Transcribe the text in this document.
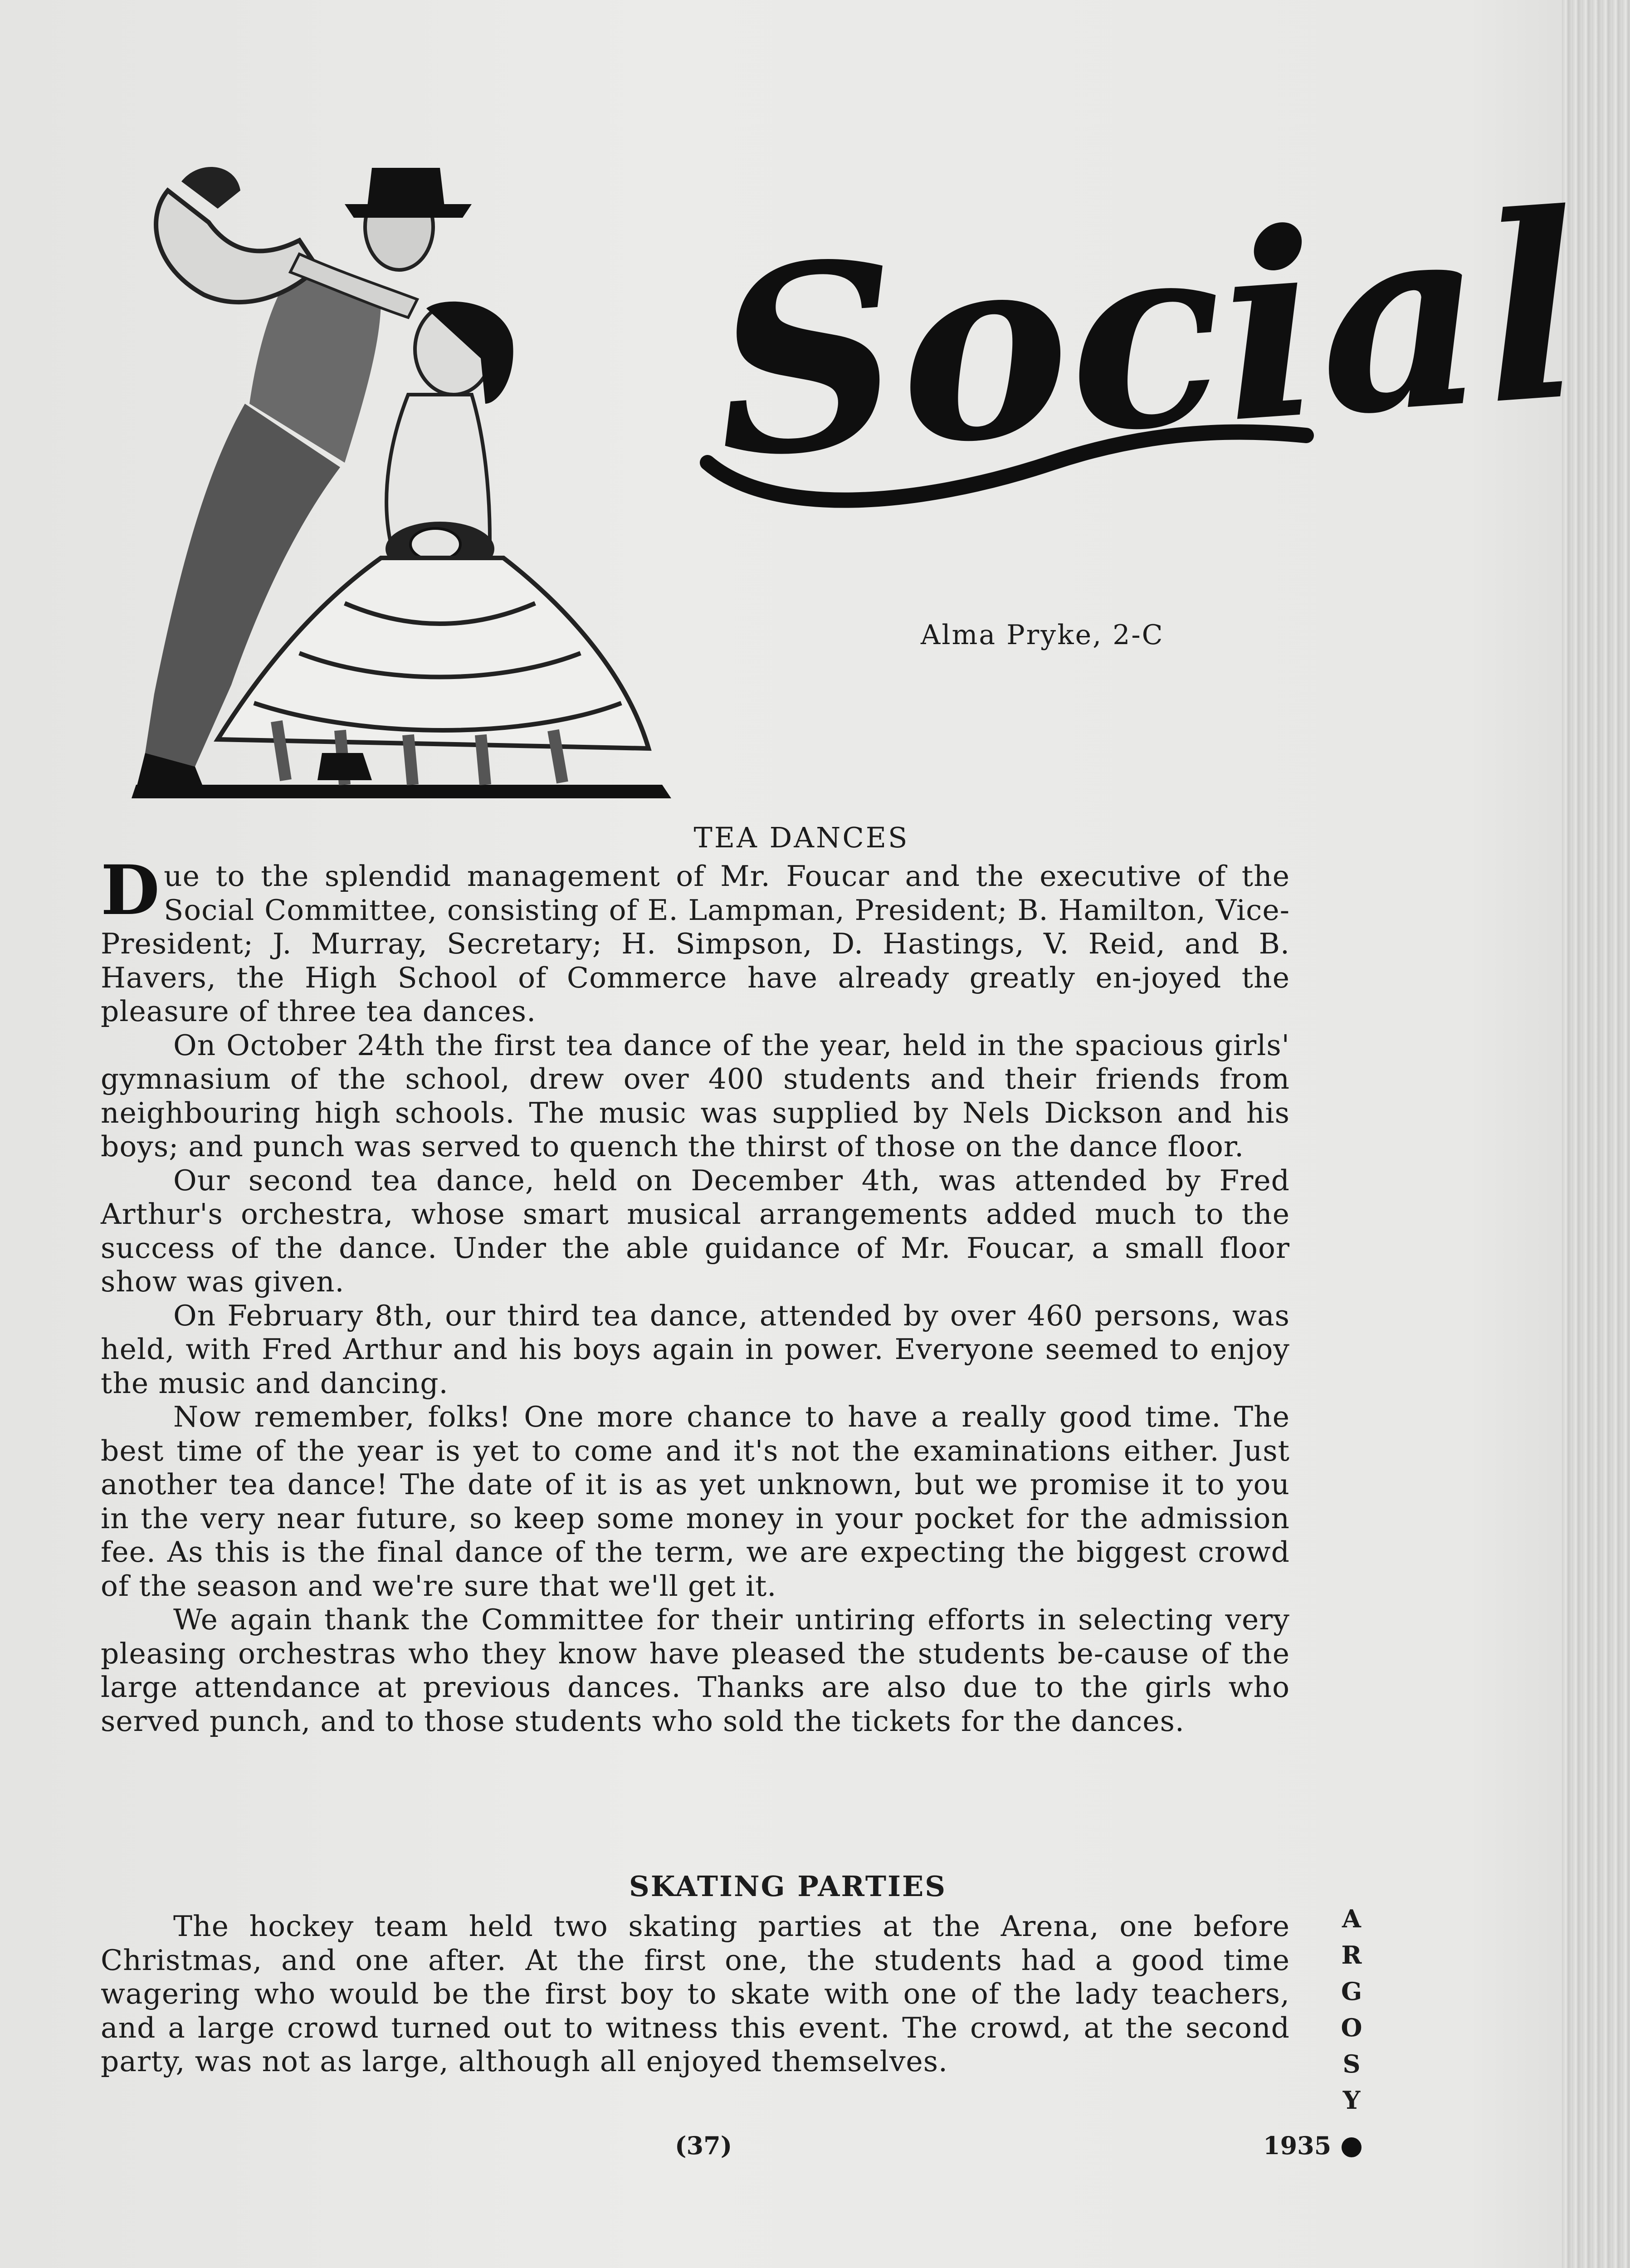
Social
Alma Pryke, 2-C
TEA DANCES

Due to the splendid management of Mr. Foucar and the executive of the Social Committee, consisting of E. Lampman, President; B. Hamilton, Vice-President; J. Murray, Secretary; H. Simpson, D. Hastings, V. Reid, and B. Havers, the High School of Commerce have already greatly en-joyed the pleasure of three tea dances.

On October 24th the first tea dance of the year, held in the spacious girls' gymnasium of the school, drew over 400 students and their friends from neighbouring high schools. The music was supplied by Nels Dickson and his boys; and punch was served to quench the thirst of those on the dance floor.

Our second tea dance, held on December 4th, was attended by Fred Arthur's orchestra, whose smart musical arrangements added much to the success of the dance. Under the able guidance of Mr. Foucar, a small floor show was given.

On February 8th, our third tea dance, attended by over 460 persons, was held, with Fred Arthur and his boys again in power. Everyone seemed to enjoy the music and dancing.

Now remember, folks! One more chance to have a really good time. The best time of the year is yet to come and it's not the examinations either. Just another tea dance! The date of it is as yet unknown, but we promise it to you in the very near future, so keep some money in your pocket for the admission fee. As this is the final dance of the term, we are expecting the biggest crowd of the season and we're sure that we'll get it.

We again thank the Committee for their untiring efforts in selecting very pleasing orchestras who they know have pleased the students be-cause of the large attendance at previous dances. Thanks are also due to the girls who served punch, and to those students who sold the tickets for the dances.

SKATING PARTIES

The hockey team held two skating parties at the Arena, one before Christmas, and one after. At the first one, the students had a good time wagering who would be the first boy to skate with one of the lady teachers, and a large crowd turned out to witness this event. The crowd, at the second party, was not as large, although all enjoyed themselves.

A
R
G
O
S
Y
(37)	1935
